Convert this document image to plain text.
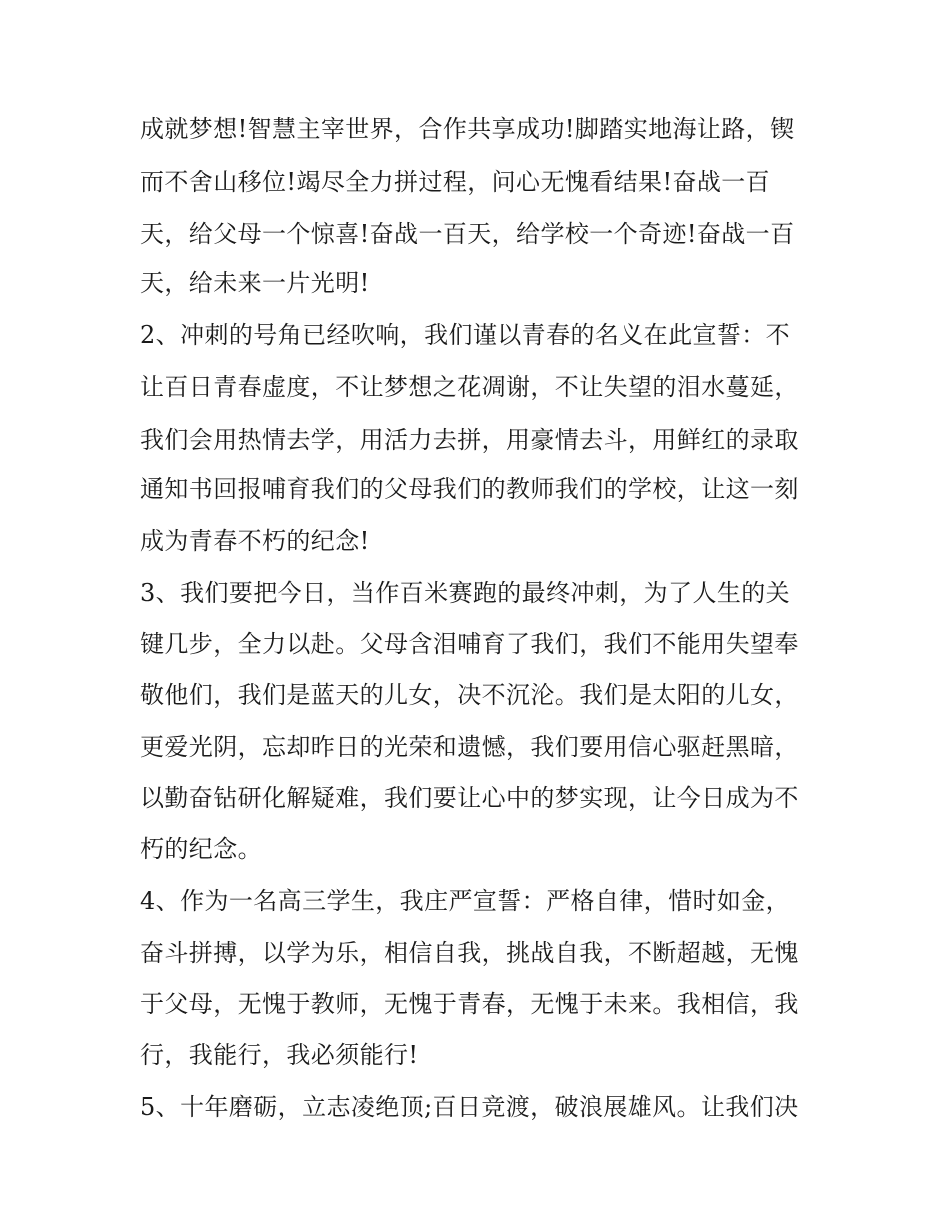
成就梦想!智慧主宰世界，合作共享成功!脚踏实地海让路，锲
而不舍山移位!竭尽全力拼过程，问心无愧看结果!奋战一百
天，给父母一个惊喜!奋战一百天，给学校一个奇迹!奋战一百
天，给未来一片光明!
2、冲刺的号角已经吹响，我们谨以青春的名义在此宣誓：不
让百日青春虚度，不让梦想之花凋谢，不让失望的泪水蔓延，
我们会用热情去学，用活力去拼，用豪情去斗，用鲜红的录取
通知书回报哺育我们的父母我们的教师我们的学校，让这一刻
成为青春不朽的纪念!
3、我们要把今日，当作百米赛跑的最终冲刺，为了人生的关
键几步，全力以赴。父母含泪哺育了我们，我们不能用失望奉
敬他们，我们是蓝天的儿女，决不沉沦。我们是太阳的儿女，
更爱光阴，忘却昨日的光荣和遗憾，我们要用信心驱赶黑暗，
以勤奋钻研化解疑难，我们要让心中的梦实现，让今日成为不
朽的纪念。
4、作为一名高三学生，我庄严宣誓：严格自律，惜时如金，
奋斗拼搏，以学为乐，相信自我，挑战自我，不断超越，无愧
于父母，无愧于教师，无愧于青春，无愧于未来。我相信，我
行，我能行，我必须能行!
5、十年磨砺，立志凌绝顶;百日竞渡，破浪展雄风。让我们决
